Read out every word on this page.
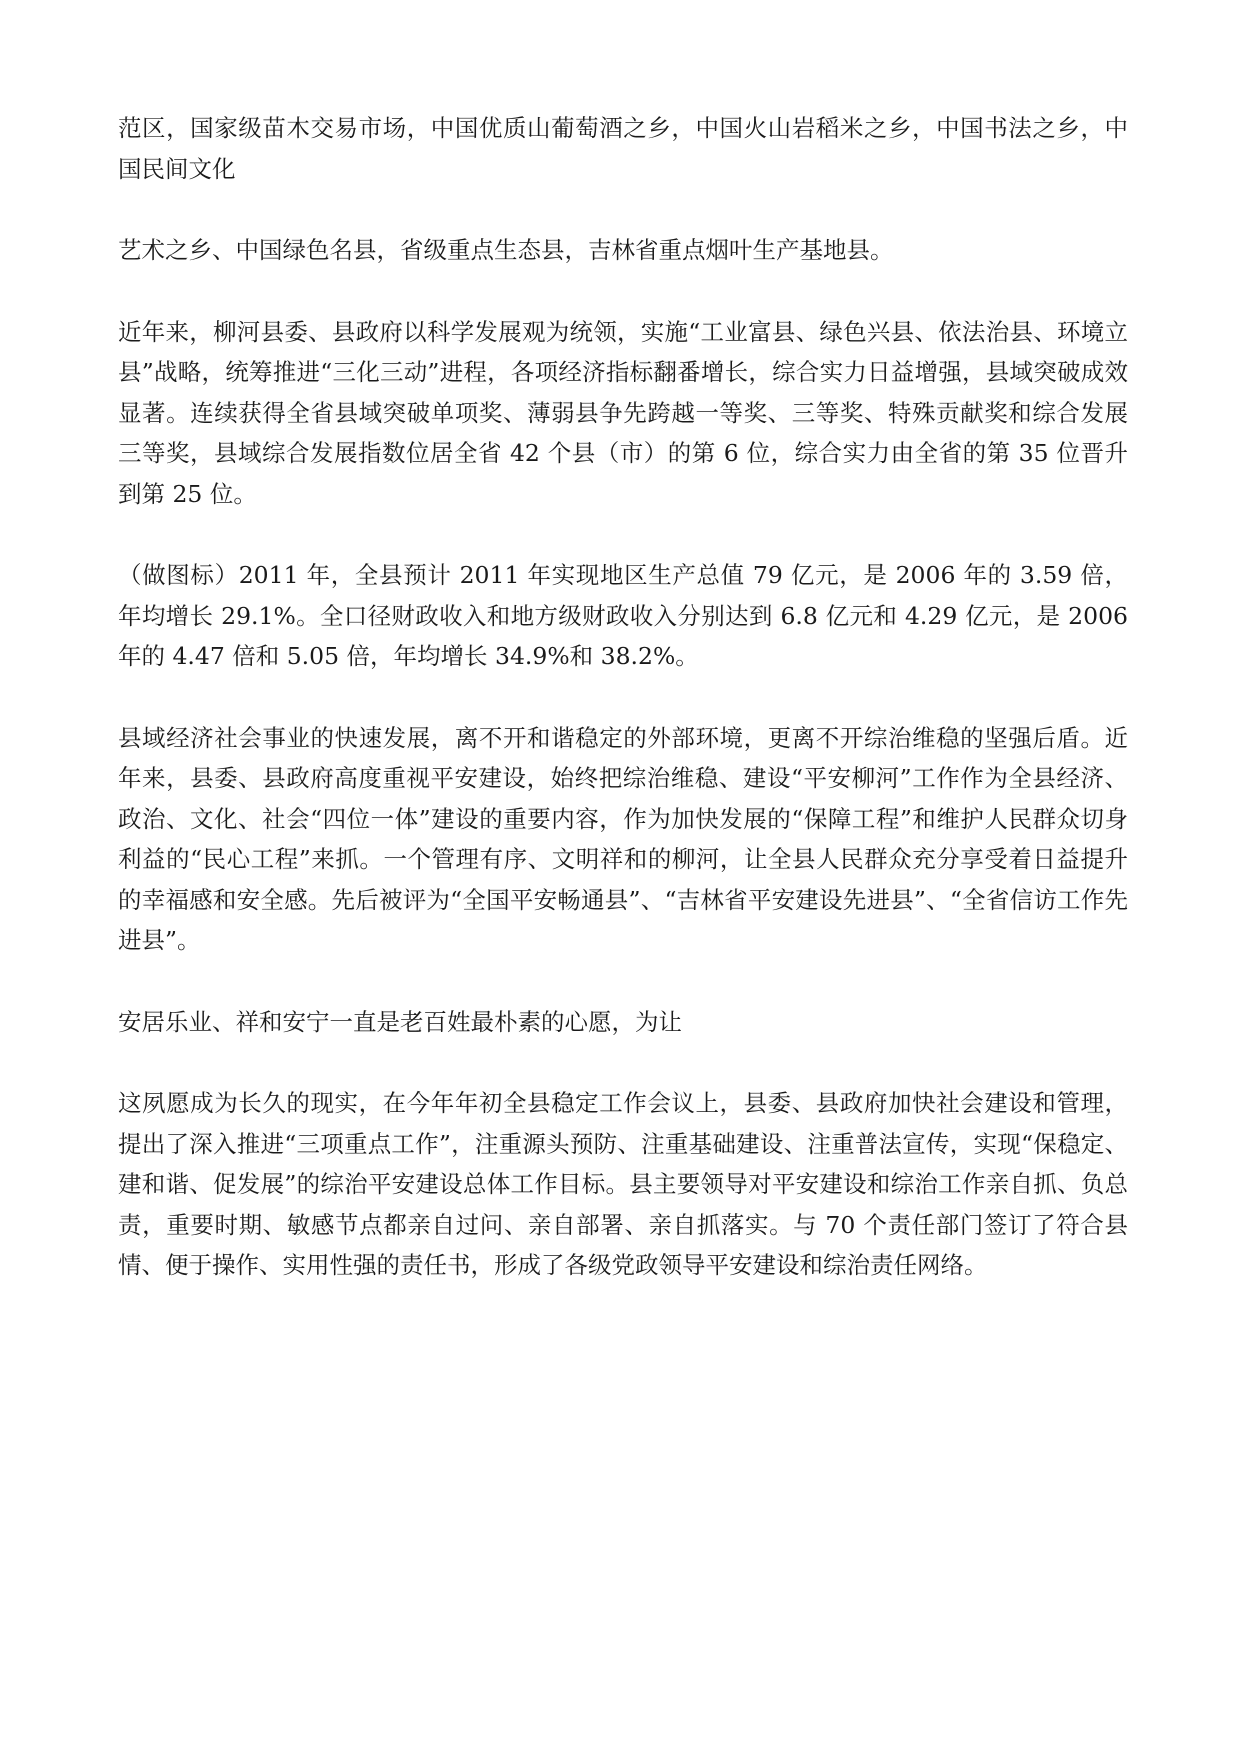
范区，国家级苗木交易市场，中国优质山葡萄酒之乡，中国火山岩稻米之乡，中国书法之乡，中国民间文化

艺术之乡、中国绿色名县，省级重点生态县，吉林省重点烟叶生产基地县。

近年来，柳河县委、县政府以科学发展观为统领，实施“工业富县、绿色兴县、依法治县、环境立县”战略，统筹推进“三化三动”进程，各项经济指标翻番增长，综合实力日益增强，县域突破成效显著。连续获得全省县域突破单项奖、薄弱县争先跨越一等奖、三等奖、特殊贡献奖和综合发展三等奖，县域综合发展指数位居全省 42 个县（市）的第 6 位，综合实力由全省的第 35 位晋升到第 25 位。

（做图标）2011 年，全县预计 2011 年实现地区生产总值 79 亿元，是 2006 年的 3.59 倍，年均增长 29.1%。全口径财政收入和地方级财政收入分别达到 6.8 亿元和 4.29 亿元，是 2006 年的 4.47 倍和 5.05 倍，年均增长 34.9%和 38.2%。

县域经济社会事业的快速发展，离不开和谐稳定的外部环境，更离不开综治维稳的坚强后盾。近年来，县委、县政府高度重视平安建设，始终把综治维稳、建设“平安柳河”工作作为全县经济、政治、文化、社会“四位一体”建设的重要内容，作为加快发展的“保障工程”和维护人民群众切身利益的“民心工程”来抓。一个管理有序、文明祥和的柳河，让全县人民群众充分享受着日益提升的幸福感和安全感。先后被评为“全国平安畅通县”、“吉林省平安建设先进县”、“全省信访工作先进县”。

安居乐业、祥和安宁一直是老百姓最朴素的心愿，为让

这夙愿成为长久的现实，在今年年初全县稳定工作会议上，县委、县政府加快社会建设和管理，提出了深入推进“三项重点工作”，注重源头预防、注重基础建设、注重普法宣传，实现“保稳定、建和谐、促发展”的综治平安建设总体工作目标。县主要领导对平安建设和综治工作亲自抓、负总责，重要时期、敏感节点都亲自过问、亲自部署、亲自抓落实。与 70 个责任部门签订了符合县情、便于操作、实用性强的责任书，形成了各级党政领导平安建设和综治责任网络。
